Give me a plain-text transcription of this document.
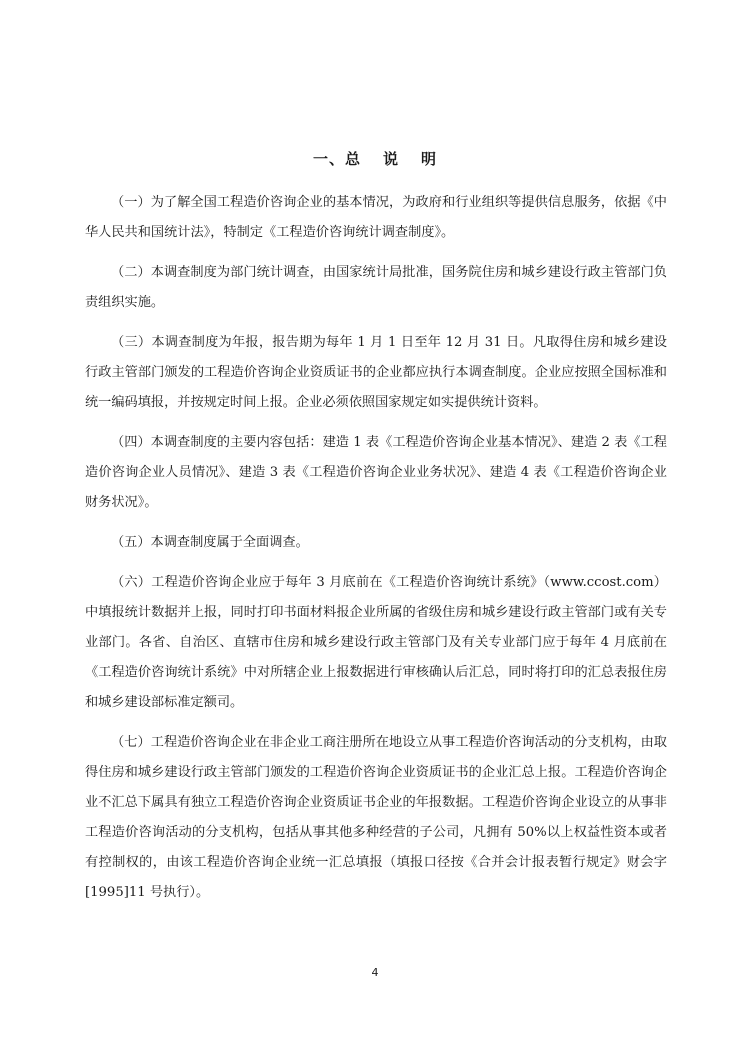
一、总 说 明

（一）为了解全国工程造价咨询企业的基本情况，为政府和行业组织等提供信息服务，依据《中华人民共和国统计法》，特制定《工程造价咨询统计调查制度》。

（二）本调查制度为部门统计调查，由国家统计局批准，国务院住房和城乡建设行政主管部门负责组织实施。

（三）本调查制度为年报，报告期为每年 1 月 1 日至年 12 月 31 日。凡取得住房和城乡建设行政主管部门颁发的工程造价咨询企业资质证书的企业都应执行本调查制度。企业应按照全国标准和统一编码填报，并按规定时间上报。企业必须依照国家规定如实提供统计资料。

（四）本调查制度的主要内容包括：建造 1 表《工程造价咨询企业基本情况》、建造 2 表《工程造价咨询企业人员情况》、建造 3 表《工程造价咨询企业业务状况》、建造 4 表《工程造价咨询企业财务状况》。

（五）本调查制度属于全面调查。

（六）工程造价咨询企业应于每年 3 月底前在《工程造价咨询统计系统》（www.ccost.com）中填报统计数据并上报，同时打印书面材料报企业所属的省级住房和城乡建设行政主管部门或有关专业部门。各省、自治区、直辖市住房和城乡建设行政主管部门及有关专业部门应于每年 4 月底前在《工程造价咨询统计系统》中对所辖企业上报数据进行审核确认后汇总，同时将打印的汇总表报住房和城乡建设部标准定额司。

（七）工程造价咨询企业在非企业工商注册所在地设立从事工程造价咨询活动的分支机构，由取得住房和城乡建设行政主管部门颁发的工程造价咨询企业资质证书的企业汇总上报。工程造价咨询企业不汇总下属具有独立工程造价咨询企业资质证书企业的年报数据。工程造价咨询企业设立的从事非工程造价咨询活动的分支机构，包括从事其他多种经营的子公司，凡拥有 50%以上权益性资本或者有控制权的，由该工程造价咨询企业统一汇总填报（填报口径按《合并会计报表暂行规定》财会字[1995]11 号执行）。

4
